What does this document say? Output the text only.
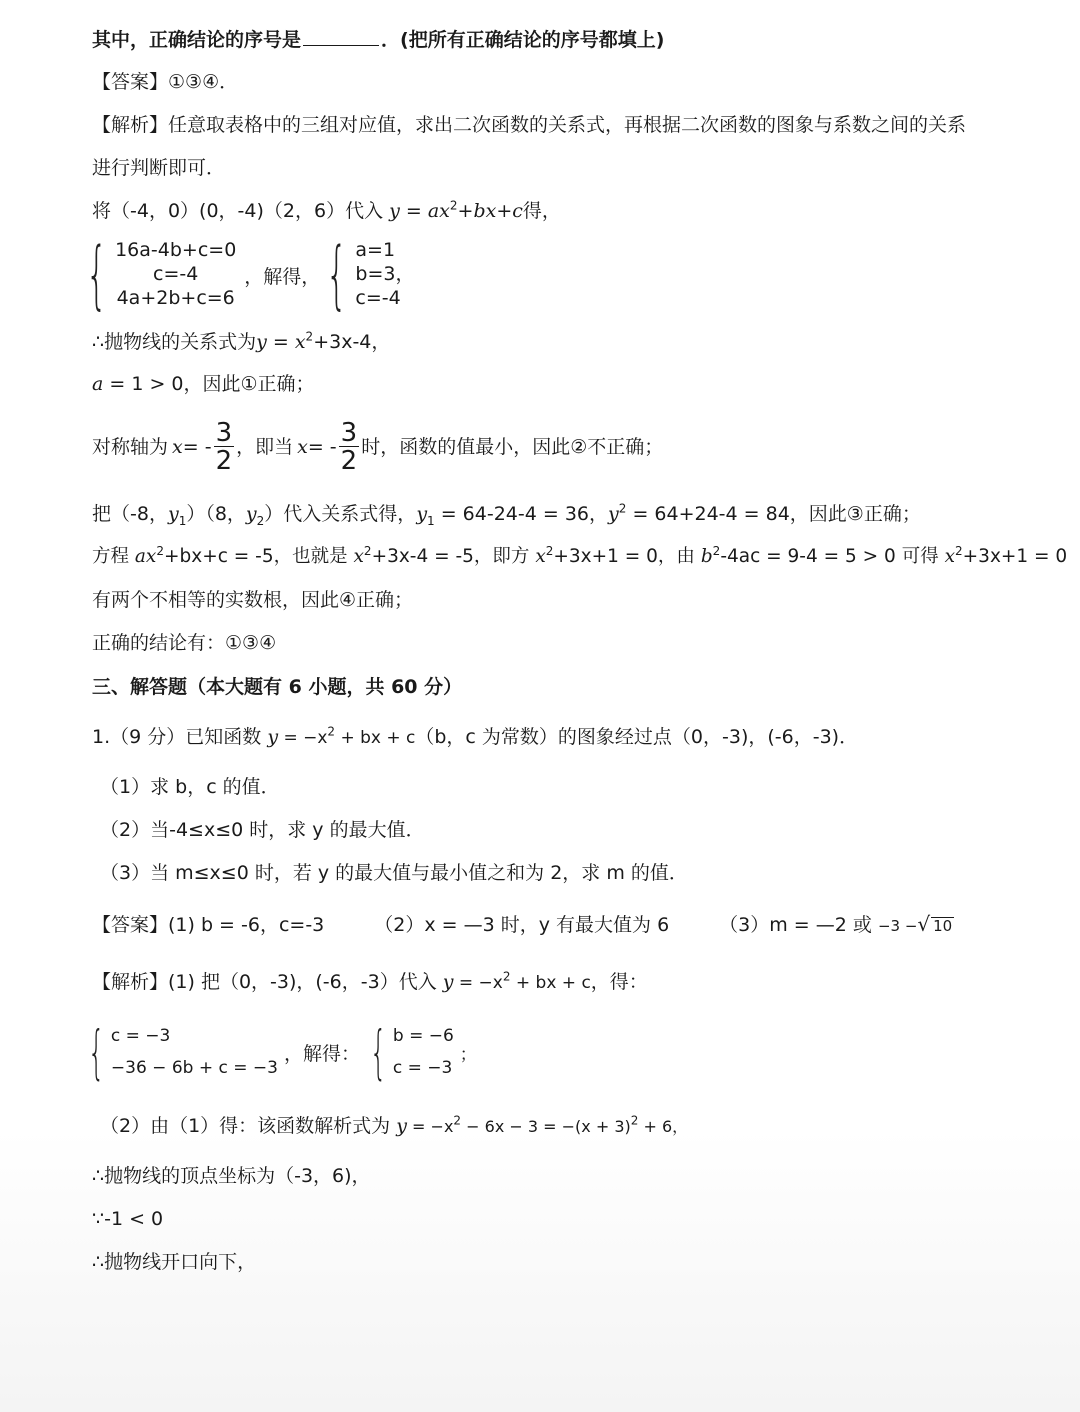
其中，正确结论的序号是	．(把所有正确结论的序号都填上)
【答案】①③④．
【解析】任意取表格中的三组对应值，求出二次函数的关系式，再根据二次函数的图象与系数之间的关系
进行判断即可．
将（-4，0）(0，-4)（2，6）代入 $y = ax^2+bx+c$得，
{ 16a-4b+c=0
c=-4
4a+2b+c=6
，解得， { a=1
b=3，
c=-4
∴抛物线的关系式为$y = x^2+3x-4$，
a = 1 > 0，因此①正确；
对称轴为 x = - $\frac{3}{2}$ ，即当 x = - $\frac{3}{2}$ 时，函数的值最小，因此②不正确；
把（-8，$y_1)(8$，$y_2$）代入关系式得，$y_1 = 64-24-4 = 36$，$y^2 = 64+24-4 = 84$，因此③正确；
方程 $ax^2+bx+c = -5$，也就是 $x^2+3x-4 = -5$，即方 $x^2+3x+1 = 0$，由 $b^2-4ac = 9-4 = 5 > 0$ 可得 $x^2+3x+1 = 0$
有两个不相等的实数根，因此④正确；
正确的结论有：①③④
三、解答题（本大题有 6 小题，共 60 分）
1.（9 分）已知函数 $y = -x^2$ + bx + c（b，c 为常数）的图象经过点（0，-3)，(-6，-3)．
（1）求 b，c 的值．
（2）当-4≤x≤0 时，求 y 的最大值．
（3）当 m≤x≤0 时，若 y 的最大值与最小值之和为 2，求 m 的值．
【答案】(1) b = -6，c=-3	（2）x = —3 时，y 有最大值为 6	（3）m = —2 或 −3 −√ 10
【解析】(1) 把（0，-3)，(-6，-3）代入 $y = -x^2$ + bx + c，得：
{ c = −3
−36 − 6b + c = −3
，解得： { b = −6
c = −3
；
（2）由（1）得：该函数解析式为 $y = -x^2 - 6x - 3 = -(x + 3)^2 + 6$，
∴抛物线的顶点坐标为（-3，6)，
∵-1 < 0
∴抛物线开口向下，
